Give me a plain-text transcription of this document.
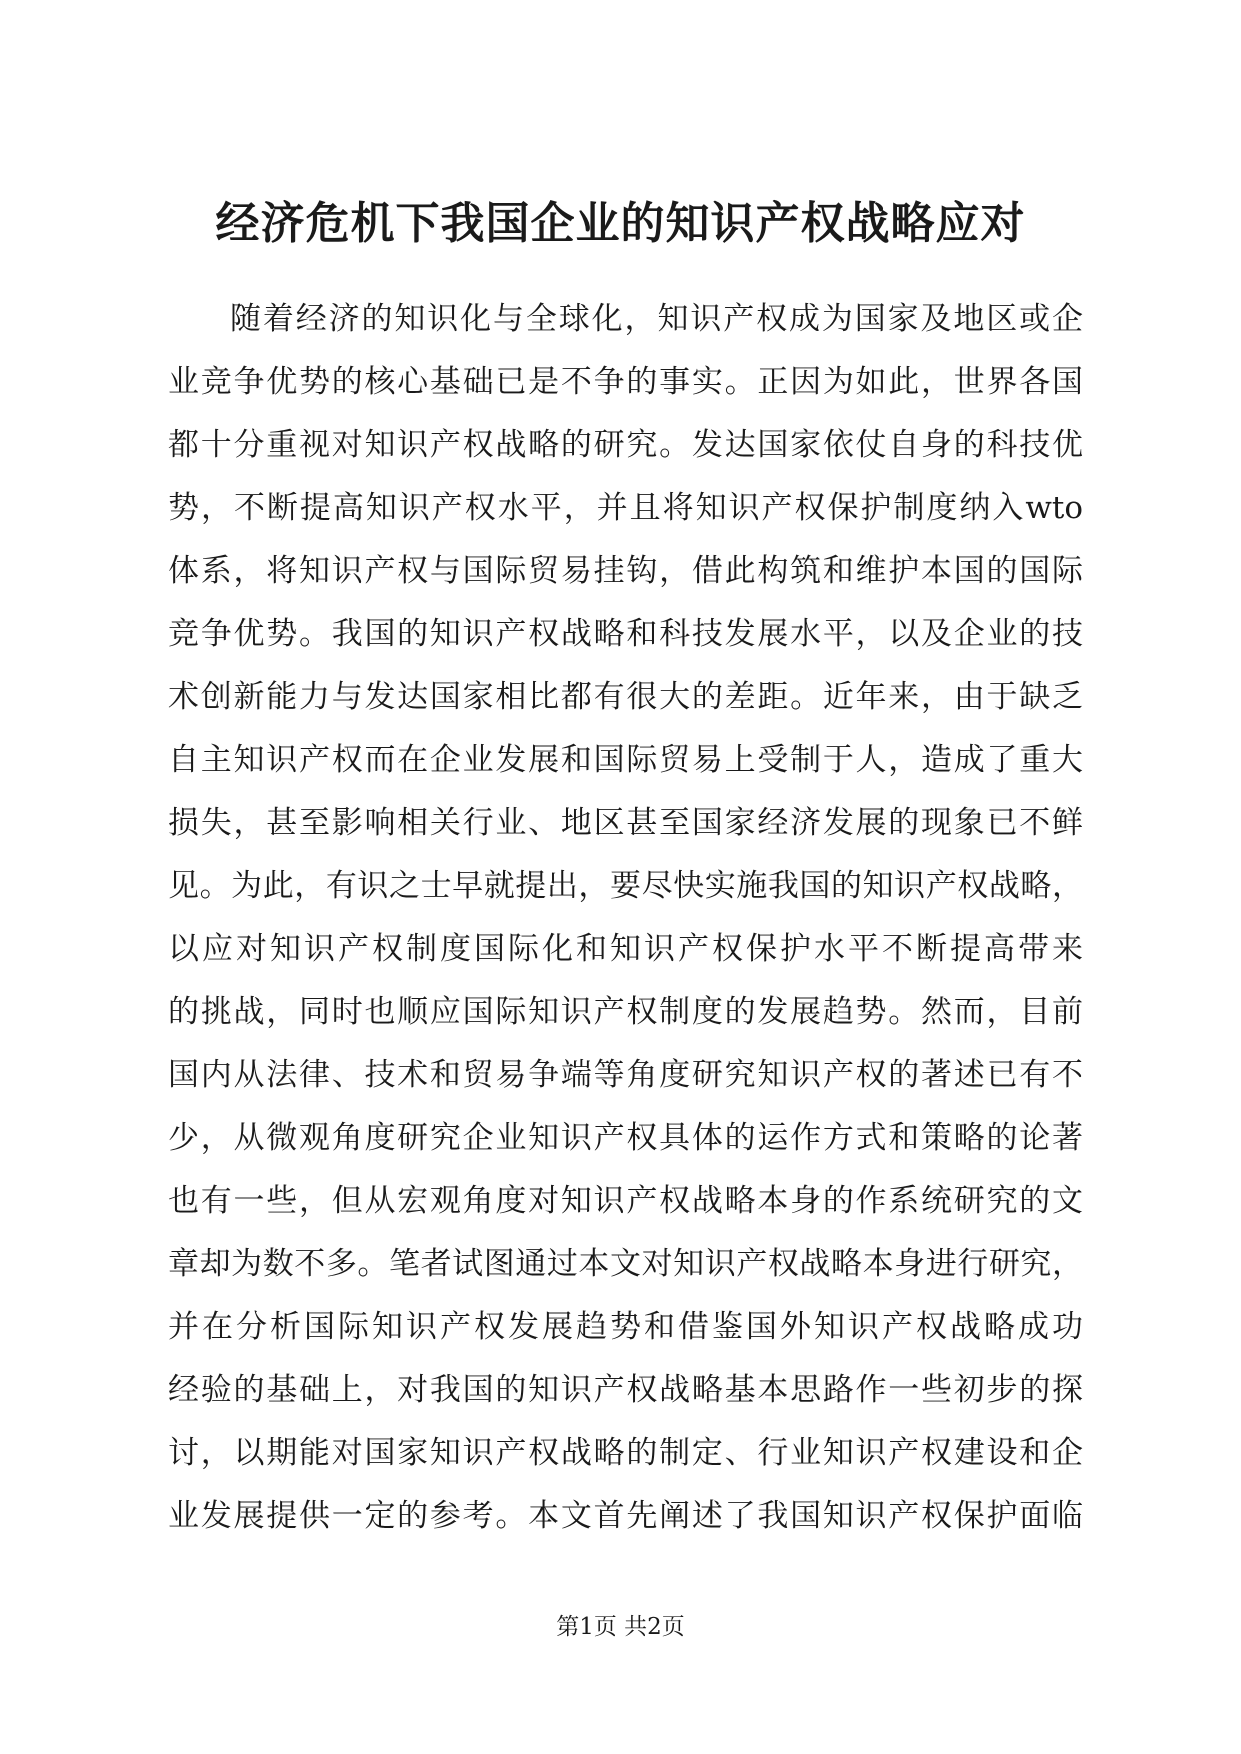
经济危机下我国企业的知识产权战略应对
随着经济的知识化与全球化，知识产权成为国家及地区或企
业竞争优势的核心基础已是不争的事实。正因为如此，世界各国
都十分重视对知识产权战略的研究。发达国家依仗自身的科技优
势，不断提高知识产权水平，并且将知识产权保护制度纳入wto
体系，将知识产权与国际贸易挂钩，借此构筑和维护本国的国际
竞争优势。我国的知识产权战略和科技发展水平，以及企业的技
术创新能力与发达国家相比都有很大的差距。近年来，由于缺乏
自主知识产权而在企业发展和国际贸易上受制于人，造成了重大
损失，甚至影响相关行业、地区甚至国家经济发展的现象已不鲜
见。为此，有识之士早就提出，要尽快实施我国的知识产权战略，
以应对知识产权制度国际化和知识产权保护水平不断提高带来
的挑战，同时也顺应国际知识产权制度的发展趋势。然而，目前
国内从法律、技术和贸易争端等角度研究知识产权的著述已有不
少，从微观角度研究企业知识产权具体的运作方式和策略的论著
也有一些，但从宏观角度对知识产权战略本身的作系统研究的文
章却为数不多。笔者试图通过本文对知识产权战略本身进行研究，
并在分析国际知识产权发展趋势和借鉴国外知识产权战略成功
经验的基础上，对我国的知识产权战略基本思路作一些初步的探
讨，以期能对国家知识产权战略的制定、行业知识产权建设和企
业发展提供一定的参考。本文首先阐述了我国知识产权保护面临
第1页 共2页
